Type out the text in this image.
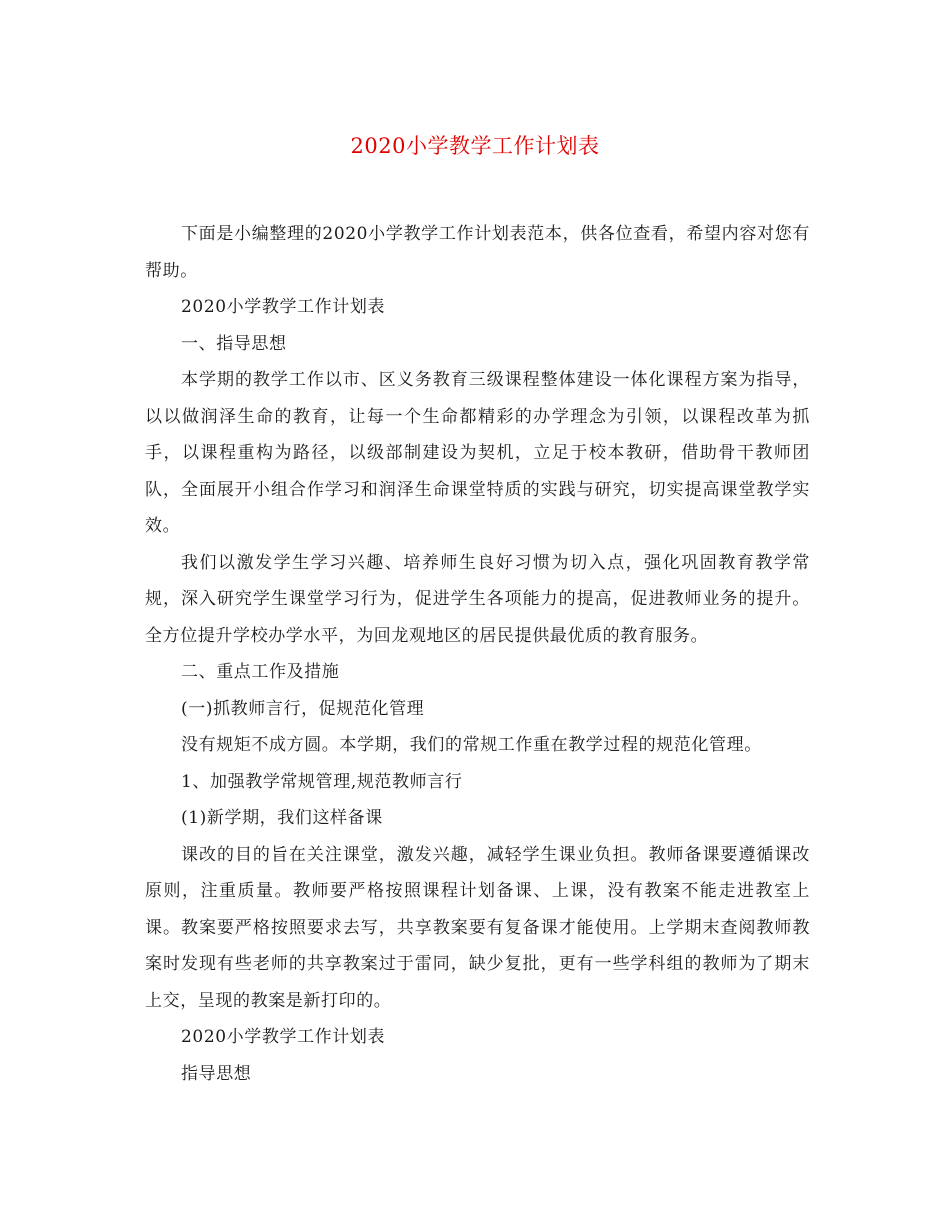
2020小学教学工作计划表

下面是小编整理的2020小学教学工作计划表范本，供各位查看，希望内容对您有帮助。

2020小学教学工作计划表

一、指导思想

本学期的教学工作以市、区义务教育三级课程整体建设一体化课程方案为指导，以以做润泽生命的教育，让每一个生命都精彩的办学理念为引领，以课程改革为抓手，以课程重构为路径，以级部制建设为契机，立足于校本教研，借助骨干教师团队，全面展开小组合作学习和润泽生命课堂特质的实践与研究，切实提高课堂教学实效。

我们以激发学生学习兴趣、培养师生良好习惯为切入点，强化巩固教育教学常规，深入研究学生课堂学习行为，促进学生各项能力的提高，促进教师业务的提升。全方位提升学校办学水平，为回龙观地区的居民提供最优质的教育服务。

二、重点工作及措施

(一)抓教师言行，促规范化管理

没有规矩不成方圆。本学期，我们的常规工作重在教学过程的规范化管理。

1、加强教学常规管理,规范教师言行

(1)新学期，我们这样备课

课改的目的旨在关注课堂，激发兴趣，减轻学生课业负担。教师备课要遵循课改原则，注重质量。教师要严格按照课程计划备课、上课，没有教案不能走进教室上课。教案要严格按照要求去写，共享教案要有复备课才能使用。上学期末查阅教师教案时发现有些老师的共享教案过于雷同，缺少复批，更有一些学科组的教师为了期末上交，呈现的教案是新打印的。

2020小学教学工作计划表

指导思想
